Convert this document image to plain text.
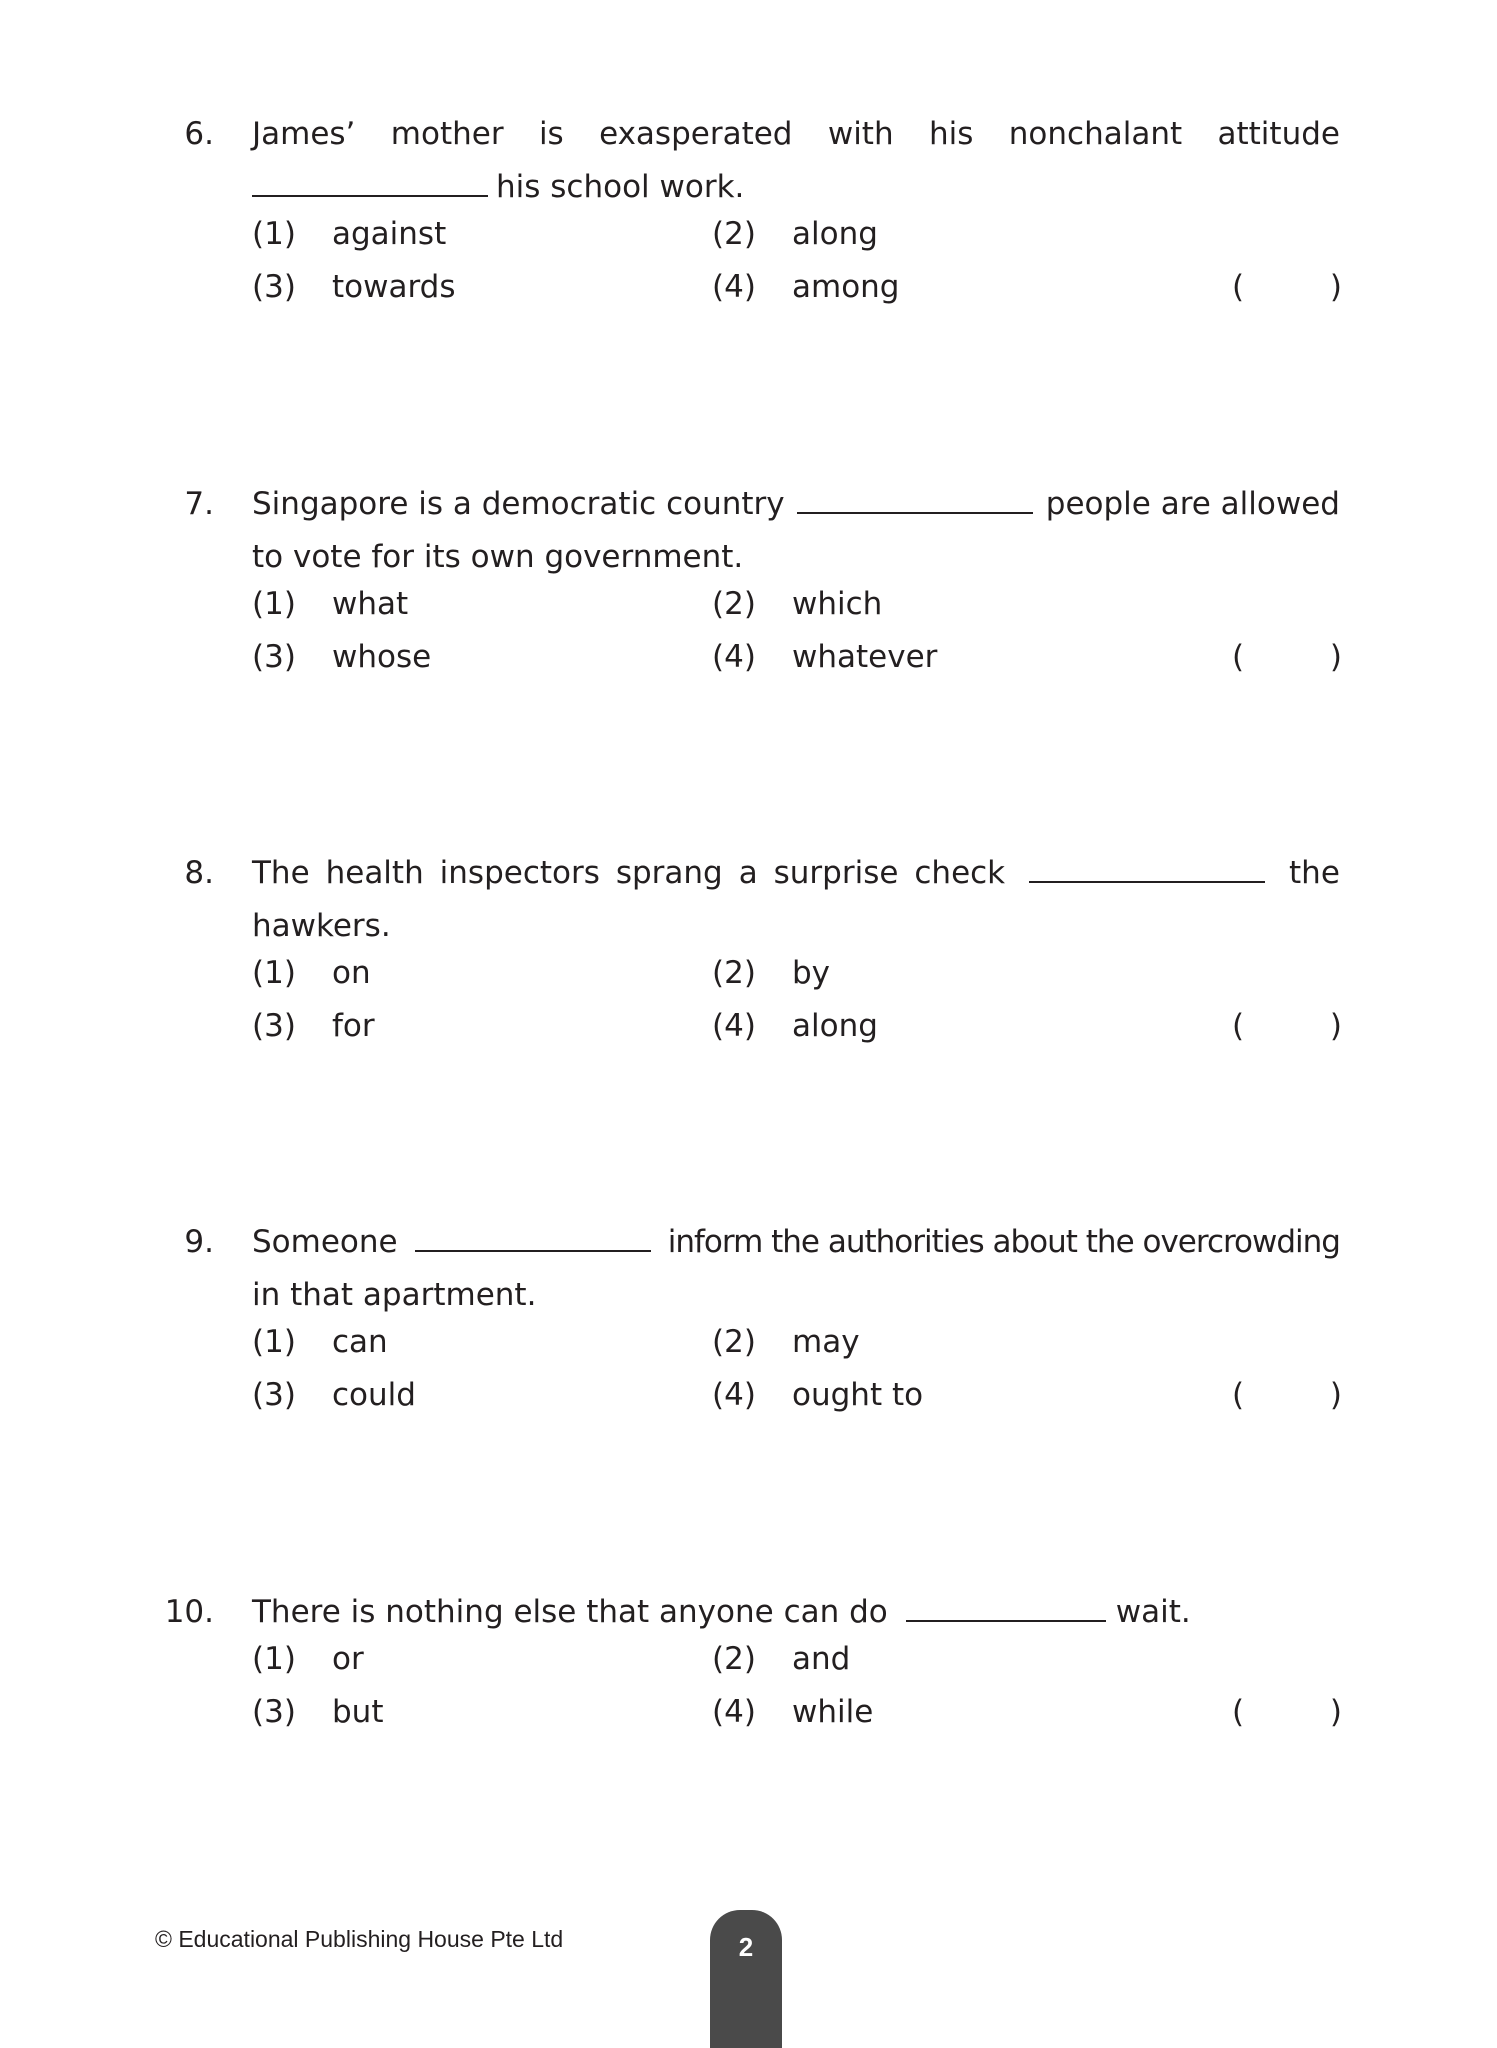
6. James’ mother is exasperated with his nonchalant attitude
his school work.
(1) against	(2) along
(3) towards	(4) among	(	)
7. Singapore is a democratic country	people are allowed
to vote for its own government.
(1) what	(2) which
(3) whose	(4) whatever	(	)
8. The health inspectors sprang a surprise check	the
hawkers.
(1) on	(2) by
(3) for	(4) along	(	)
9. Someone	inform the authorities about the overcrowding
in that apartment.
(1) can	(2) may
(3) could	(4) ought to	(	)
10. There is nothing else that anyone can do	wait.
(1) or	(2) and
(3) but	(4) while	(	)
© Educational Publishing House Pte Ltd	2
